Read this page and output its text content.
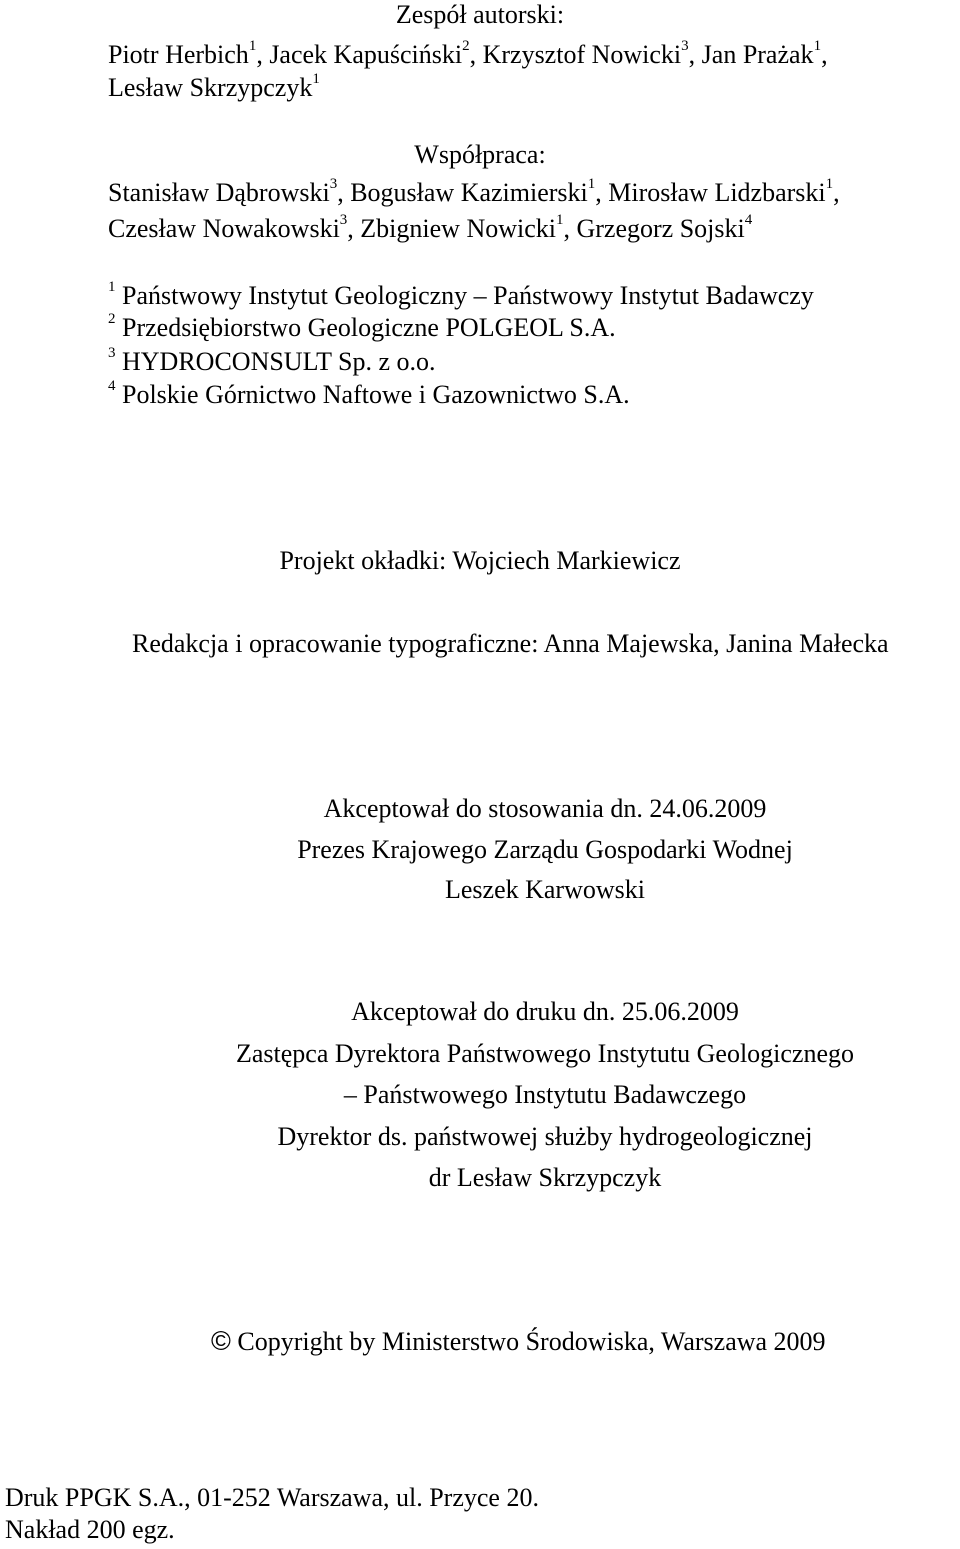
Zespół autorski:
Piotr Herbich$^1$, Jacek Kapuściński$^2$, Krzysztof Nowicki$^3$, Jan Prażak$^1$,
Lesław Skrzypczyk$^1$
Współpraca:
Stanisław Dąbrowski$^3$, Bogusław Kazimierski$^1$, Mirosław Lidzbarski$^1$,
Czesław Nowakowski$^3$, Zbigniew Nowicki$^1$, Grzegorz Sojski$^4$
$^1$ Państwowy Instytut Geologiczny – Państwowy Instytut Badawczy
$^2$ Przedsiębiorstwo Geologiczne POLGEOL S.A.
$^3$ HYDROCONSULT Sp. z o.o.
$^4$ Polskie Górnictwo Naftowe i Gazownictwo S.A.
Projekt okładki: Wojciech Markiewicz
Redakcja i opracowanie typograficzne: Anna Majewska, Janina Małecka
Akceptował do stosowania dn. 24.06.2009
Prezes Krajowego Zarządu Gospodarki Wodnej
Leszek Karwowski
Akceptował do druku dn. 25.06.2009
Zastępca Dyrektora Państwowego Instytutu Geologicznego
– Państwowego Instytutu Badawczego
Dyrektor ds. państwowej służby hydrogeologicznej
dr Lesław Skrzypczyk
© Copyright by Ministerstwo Środowiska, Warszawa 2009
Druk PPGK S.A., 01-252 Warszawa, ul. Przyce 20.
Nakład 200 egz.
